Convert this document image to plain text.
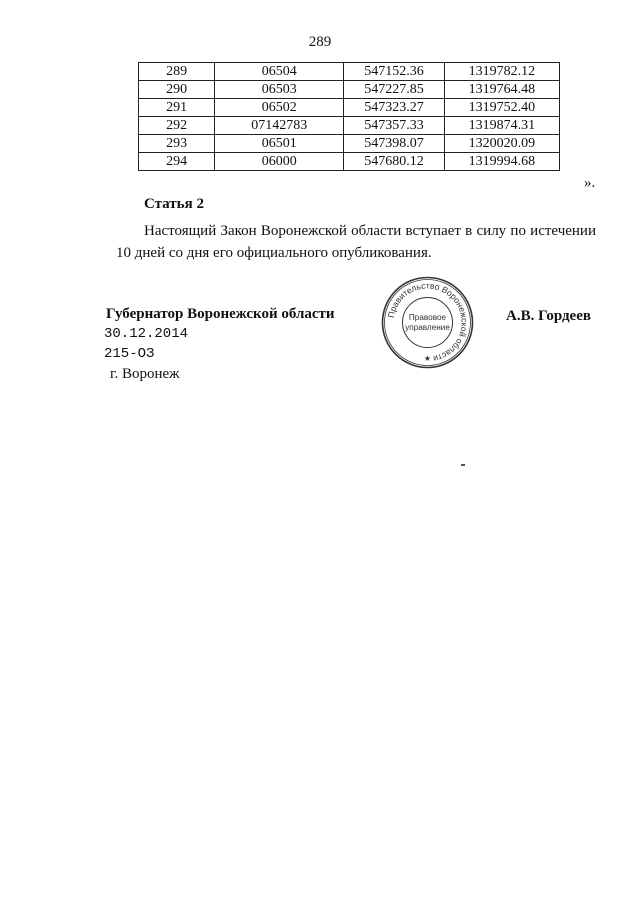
289
289	06504	547152.36	1319782.12
290	06503	547227.85	1319764.48
291	06502	547323.27	1319752.40
292	07142783	547357.33	1319874.31
293	06501	547398.07	1320020.09
294	06000	547680.12	1319994.68
».
Статья 2
Настоящий Закон Воронежской области вступает в силу по истечении 10 дней со дня его официального опубликования.
Губернатор Воронежской области	Правительство Воронежской области
Правовое
управление
★
А.В. Гордеев
30.12.2014
215-ОЗ
г. Воронеж
